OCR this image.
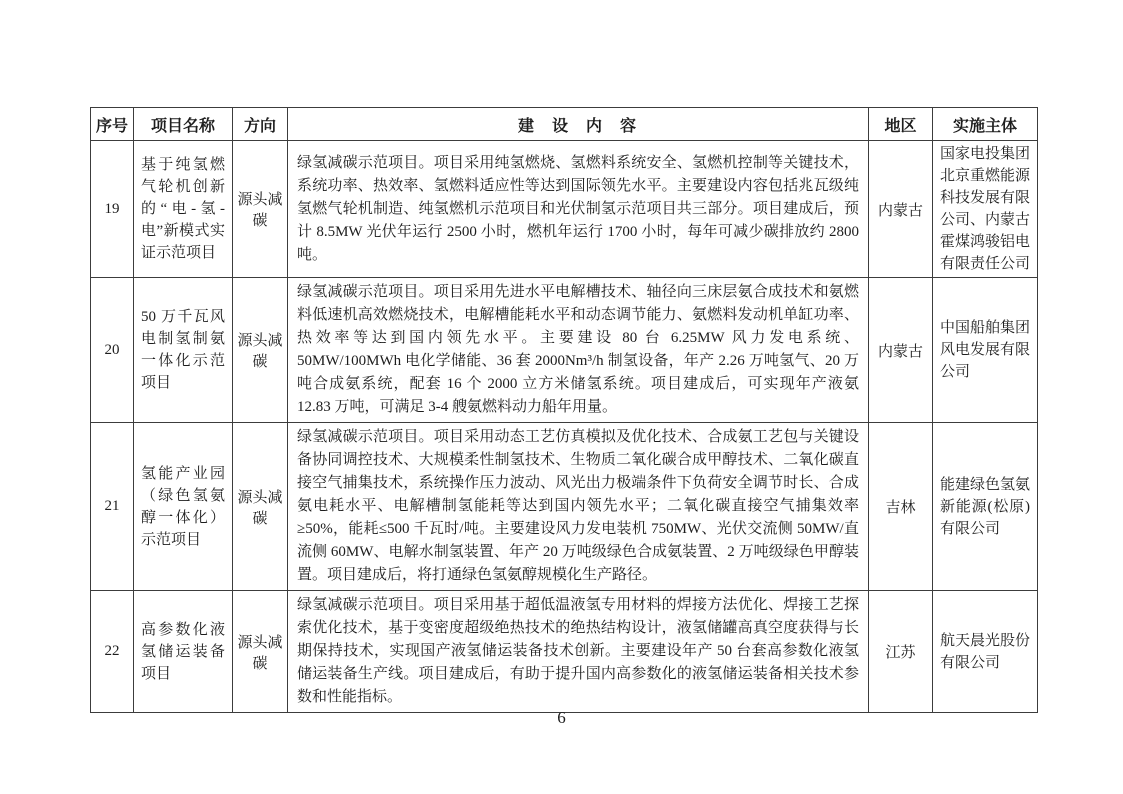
序号	项目名称	方向	建 设 内 容	地区	实施主体
19	基于纯氢燃气轮机创新的“电-氢-电”新模式实证示范项目	源头减碳	绿氢减碳示范项目。项目采用纯氢燃烧、氢燃料系统安全、氢燃机控制等关键技术，系统功率、热效率、氢燃料适应性等达到国际领先水平。主要建设内容包括兆瓦级纯氢燃气轮机制造、纯氢燃机示范项目和光伏制氢示范项目共三部分。项目建成后，预计 8.5MW 光伏年运行 2500 小时，燃机年运行 1700 小时，每年可减少碳排放约 2800 吨。	内蒙古	国家电投集团北京重燃能源科技发展有限公司、内蒙古霍煤鸿骏铝电有限责任公司
20	50 万千瓦风电制氢制氨一体化示范项目	源头减碳	绿氢减碳示范项目。项目采用先进水平电解槽技术、轴径向三床层氨合成技术和氨燃料低速机高效燃烧技术，电解槽能耗水平和动态调节能力、氨燃料发动机单缸功率、热效率等达到国内领先水平。主要建设 80 台 6.25MW 风力发电系统、50MW/100MWh 电化学储能、36 套 2000Nm³/h 制氢设备，年产 2.26 万吨氢气、20 万吨合成氨系统，配套 16 个 2000 立方米储氢系统。项目建成后，可实现年产液氨 12.83 万吨，可满足 3-4 艘氨燃料动力船年用量。	内蒙古	中国船舶集团风电发展有限公司
21	氢能产业园（绿色氢氨醇一体化）示范项目	源头减碳	绿氢减碳示范项目。项目采用动态工艺仿真模拟及优化技术、合成氨工艺包与关键设备协同调控技术、大规模柔性制氢技术、生物质二氧化碳合成甲醇技术、二氧化碳直接空气捕集技术，系统操作压力波动、风光出力极端条件下负荷安全调节时长、合成氨电耗水平、电解槽制氢能耗等达到国内领先水平；二氧化碳直接空气捕集效率≥50%，能耗≤500 千瓦时/吨。主要建设风力发电装机 750MW、光伏交流侧 50MW/直流侧 60MW、电解水制氢装置、年产 20 万吨级绿色合成氨装置、2 万吨级绿色甲醇装置。项目建成后，将打通绿色氢氨醇规模化生产路径。	吉林	能建绿色氢氨新能源(松原)有限公司
22	高参数化液氢储运装备项目	源头减碳	绿氢减碳示范项目。项目采用基于超低温液氢专用材料的焊接方法优化、焊接工艺探索优化技术，基于变密度超级绝热技术的绝热结构设计，液氢储罐高真空度获得与长期保持技术，实现国产液氢储运装备技术创新。主要建设年产 50 台套高参数化液氢储运装备生产线。项目建成后，有助于提升国内高参数化的液氢储运装备相关技术参数和性能指标。	江苏	航天晨光股份有限公司
6
